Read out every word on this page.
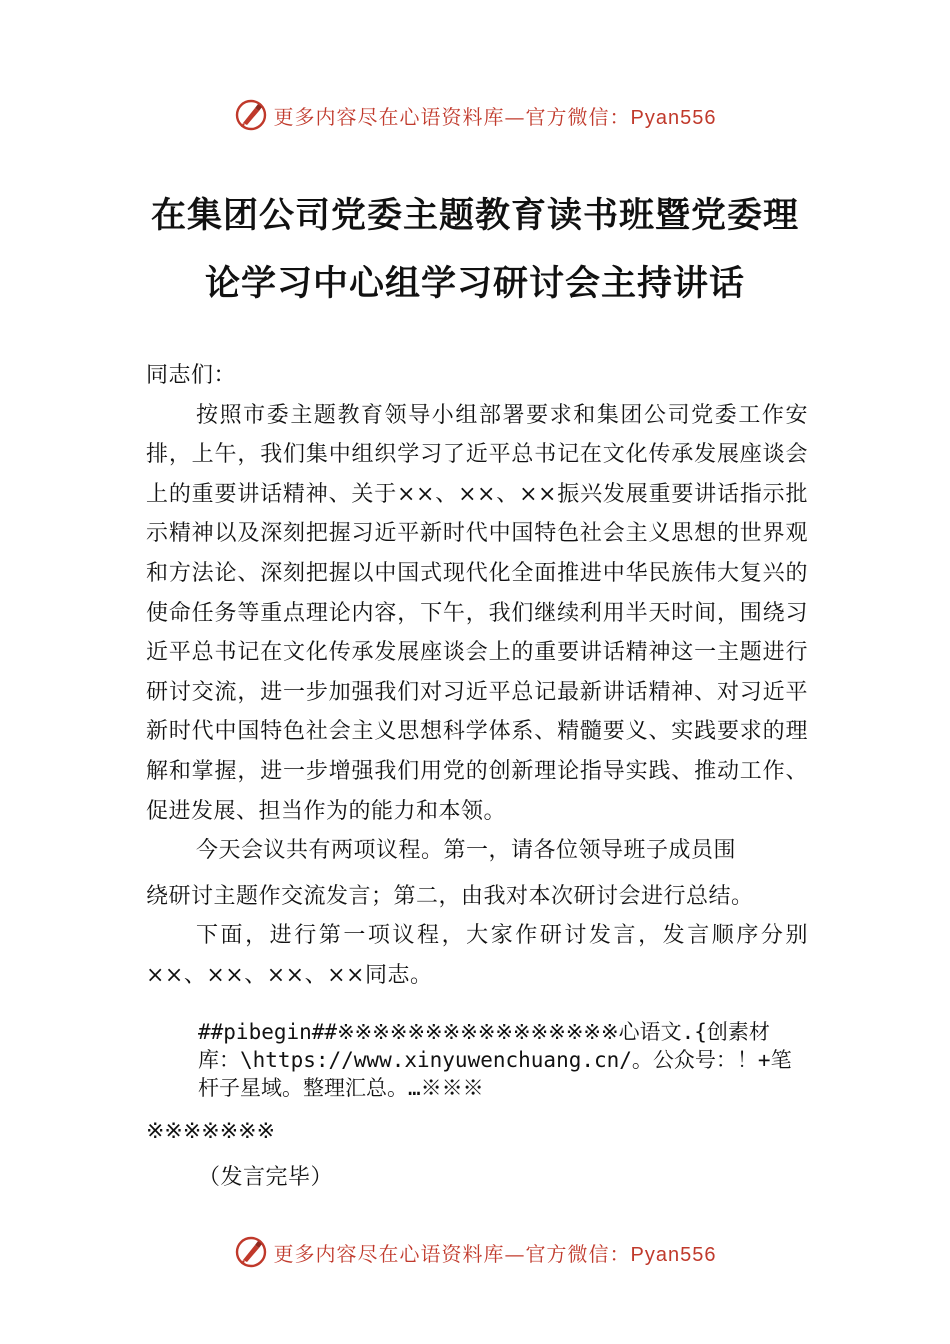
更多内容尽在心语资料库—官方微信：Pyan556
在集团公司党委主题教育读书班暨党委理
论学习中心组学习研讨会主持讲话

同志们：

按照市委主题教育领导小组部署要求和集团公司党委工作安排，上午，我们集中组织学习了近平总书记在文化传承发展座谈会上的重要讲话精神、关于××、××、××振兴发展重要讲话指示批示精神以及深刻把握习近平新时代中国特色社会主义思想的世界观和方法论、深刻把握以中国式现代化全面推进中华民族伟大复兴的使命任务等重点理论内容，下午，我们继续利用半天时间，围绕习近平总书记在文化传承发展座谈会上的重要讲话精神这一主题进行研讨交流，进一步加强我们对习近平总记最新讲话精神、对习近平新时代中国特色社会主义思想科学体系、精髓要义、实践要求的理解和掌握，进一步增强我们用党的创新理论指导实践、推动工作、促进发展、担当作为的能力和本领。

今天会议共有两项议程。第一，请各位领导班子成员围
绕研讨主题作交流发言；第二，由我对本次研讨会进行总结。

下面，进行第一项议程，大家作研讨发言，发言顺序分别××、××、××、××同志。

##pibegin##※※※※※※※※※※※※※※※※心语文.{创素材库：\https://www.xinyuwenchuang.cn/。公众号：！+笔杆子星域。整理汇总。…※※※

※※※※※※※

（发言完毕）

更多内容尽在心语资料库—官方微信：Pyan556
